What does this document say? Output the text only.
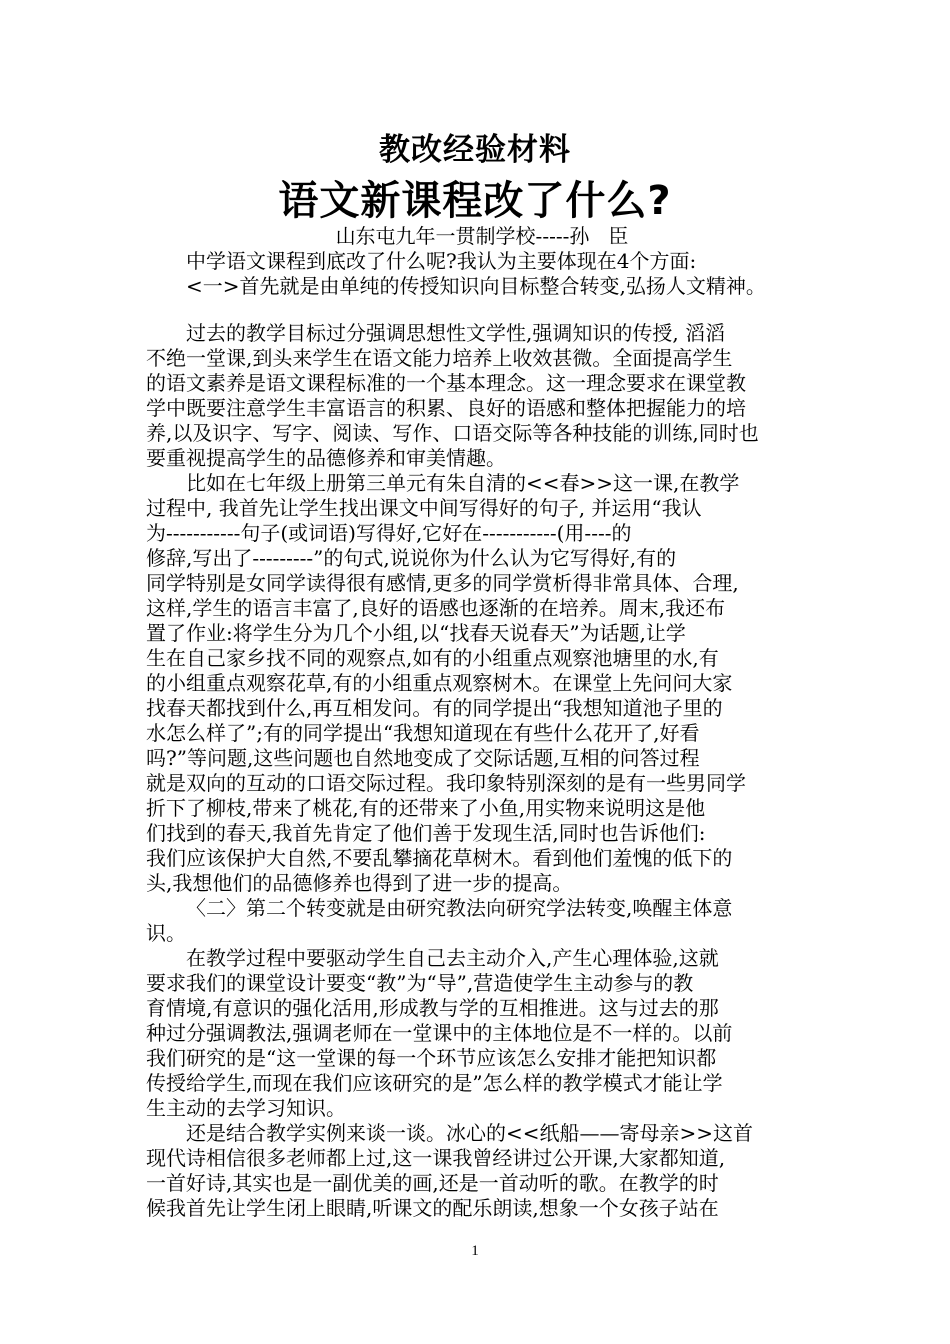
教改经验材料
语文新课程改了什么?
山东屯九年一贯制学校-----孙   臣
中学语文课程到底改了什么呢?我认为主要体现在4个方面:
<一>首先就是由单纯的传授知识向目标整合转变,弘扬人文精神。
过去的教学目标过分强调思想性文学性,强调知识的传授, 滔滔
不绝一堂课,到头来学生在语文能力培养上收效甚微。全面提高学生
的语文素养是语文课程标准的一个基本理念。这一理念要求在课堂教
学中既要注意学生丰富语言的积累、良好的语感和整体把握能力的培
养,以及识字、写字、阅读、写作、口语交际等各种技能的训练,同时也
要重视提高学生的品德修养和审美情趣。
比如在七年级上册第三单元有朱自清的<<春>>这一课,在教学
过程中, 我首先让学生找出课文中间写得好的句子, 并运用“我认
为-----------句子(或词语)写得好,它好在-----------(用----的
修辞,写出了---------”的句式,说说你为什么认为它写得好,有的
同学特别是女同学读得很有感情,更多的同学赏析得非常具体、合理,
这样,学生的语言丰富了,良好的语感也逐渐的在培养。周末,我还布
置了作业:将学生分为几个小组,以“找春天说春天”为话题,让学
生在自己家乡找不同的观察点,如有的小组重点观察池塘里的水,有
的小组重点观察花草,有的小组重点观察树木。在课堂上先问问大家
找春天都找到什么,再互相发问。有的同学提出“我想知道池子里的
水怎么样了”;有的同学提出“我想知道现在有些什么花开了,好看
吗?”等问题,这些问题也自然地变成了交际话题,互相的问答过程
就是双向的互动的口语交际过程。我印象特别深刻的是有一些男同学
折下了柳枝,带来了桃花,有的还带来了小鱼,用实物来说明这是他
们找到的春天,我首先肯定了他们善于发现生活,同时也告诉他们:
我们应该保护大自然,不要乱攀摘花草树木。看到他们羞愧的低下的
头,我想他们的品德修养也得到了进一步的提高。
〈二〉第二个转变就是由研究教法向研究学法转变,唤醒主体意
识。
在教学过程中要驱动学生自己去主动介入,产生心理体验,这就
要求我们的课堂设计要变“教”为“导”,营造使学生主动参与的教
育情境,有意识的强化活用,形成教与学的互相推进。这与过去的那
种过分强调教法,强调老师在一堂课中的主体地位是不一样的。以前
我们研究的是“这一堂课的每一个环节应该怎么安排才能把知识都
传授给学生,而现在我们应该研究的是”怎么样的教学模式才能让学
生主动的去学习知识。
还是结合教学实例来谈一谈。冰心的<<纸船——寄母亲>>这首
现代诗相信很多老师都上过,这一课我曾经讲过公开课,大家都知道,
一首好诗,其实也是一副优美的画,还是一首动听的歌。在教学的时
候我首先让学生闭上眼睛,听课文的配乐朗读,想象一个女孩子站在
1
